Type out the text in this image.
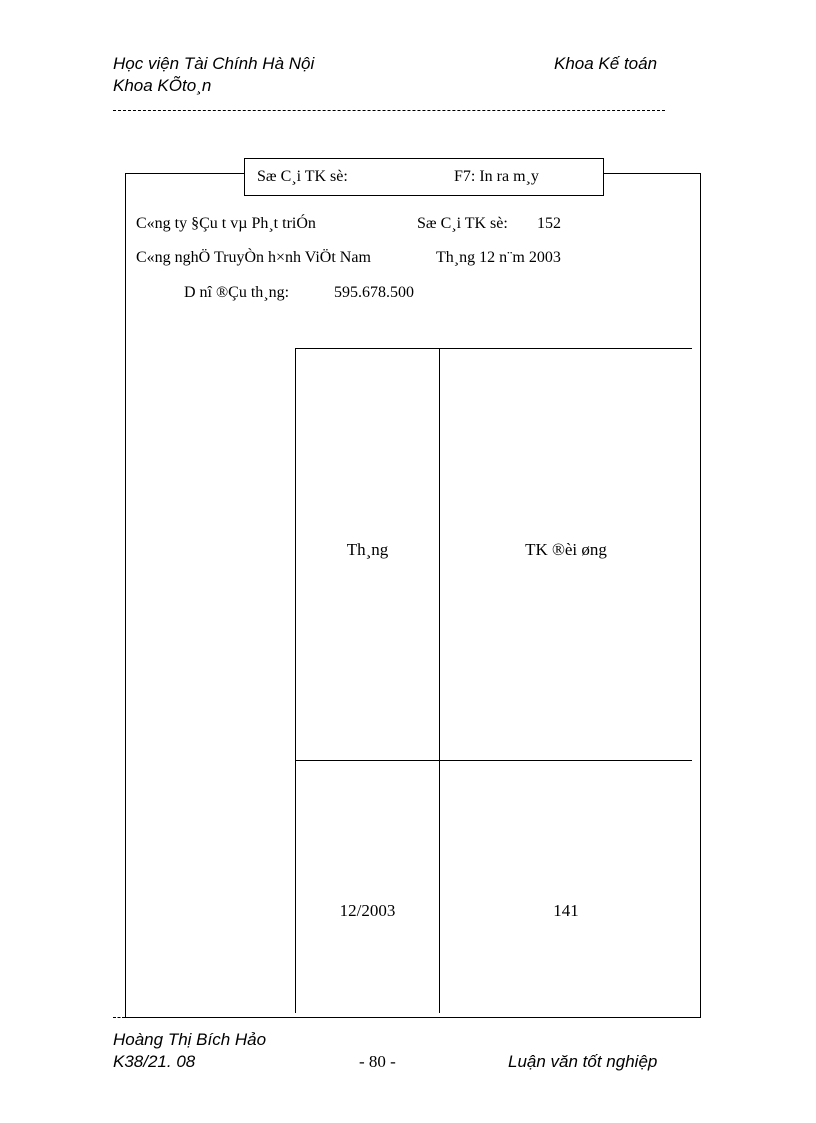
Học viện Tài Chính Hà Nội
Khoa KÕto¸n
Khoa Kế toán
Sæ C¸i TK sè:	F7: In ra m¸y
C«ng ty §Çu t vµ Ph¸t triÓn	Sæ C¸i TK sè: 152
C«ng nghÖ TruyÒn h×nh ViÖt Nam	Th¸ng 12 n¨m 2003
D nî ®Çu th¸ng:	595.678.500
Th¸ng	TK ®èi øng
12/2003	141
Hoàng Thị Bích Hảo
K38/21. 08	- 80 -	Luận văn tốt nghiệp
